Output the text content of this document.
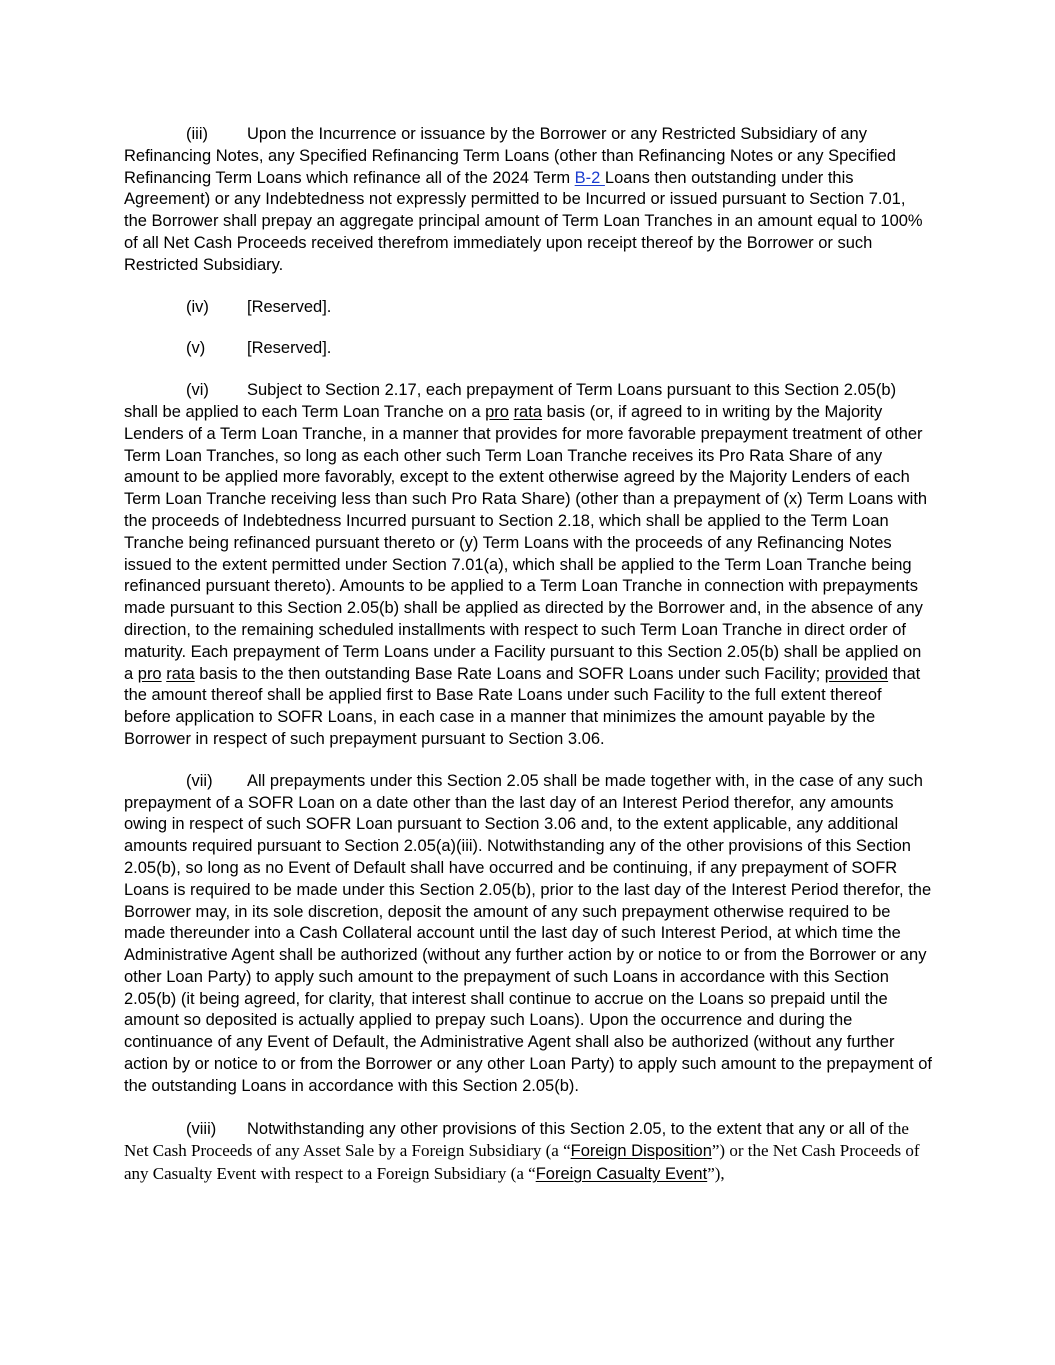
(iii) Upon the Incurrence or issuance by the Borrower or any Restricted Subsidiary of any Refinancing Notes, any Specified Refinancing Term Loans (other than Refinancing Notes or any Specified Refinancing Term Loans which refinance all of the 2024 Term B-2 Loans then outstanding under this Agreement) or any Indebtedness not expressly permitted to be Incurred or issued pursuant to Section 7.01, the Borrower shall prepay an aggregate principal amount of Term Loan Tranches in an amount equal to 100% of all Net Cash Proceeds received therefrom immediately upon receipt thereof by the Borrower or such Restricted Subsidiary.

(iv) [Reserved].

(v)	[Reserved].

(vi) Subject to Section 2.17, each prepayment of Term Loans pursuant to this Section 2.05(b) shall be applied to each Term Loan Tranche on a pro rata basis (or, if agreed to in writing by the Majority Lenders of a Term Loan Tranche, in a manner that provides for more favorable prepayment treatment of other Term Loan Tranches, so long as each other such Term Loan Tranche receives its Pro Rata Share of any amount to be applied more favorably, except to the extent otherwise agreed by the Majority Lenders of each Term Loan Tranche receiving less than such Pro Rata Share) (other than a prepayment of (x) Term Loans with the proceeds of Indebtedness Incurred pursuant to Section 2.18, which shall be applied to the Term Loan Tranche being refinanced pursuant thereto or (y) Term Loans with the proceeds of any Refinancing Notes issued to the extent permitted under Section 7.01(a), which shall be applied to the Term Loan Tranche being refinanced pursuant thereto). Amounts to be applied to a Term Loan Tranche in connection with prepayments made pursuant to this Section 2.05(b) shall be applied as directed by the Borrower and, in the absence of any direction, to the remaining scheduled installments with respect to such Term Loan Tranche in direct order of maturity. Each prepayment of Term Loans under a Facility pursuant to this Section 2.05(b) shall be applied on a pro rata basis to the then outstanding Base Rate Loans and SOFR Loans under such Facility; provided that the amount thereof shall be applied first to Base Rate Loans under such Facility to the full extent thereof before application to SOFR Loans, in each case in a manner that minimizes the amount payable by the Borrower in respect of such prepayment pursuant to Section 3.06.

(vii) All prepayments under this Section 2.05 shall be made together with, in the case of any such prepayment of a SOFR Loan on a date other than the last day of an Interest Period therefor, any amounts owing in respect of such SOFR Loan pursuant to Section 3.06 and, to the extent applicable, any additional amounts required pursuant to Section 2.05(a)(iii). Notwithstanding any of the other provisions of this Section 2.05(b), so long as no Event of Default shall have occurred and be continuing, if any prepayment of SOFR Loans is required to be made under this Section 2.05(b), prior to the last day of the Interest Period therefor, the Borrower may, in its sole discretion, deposit the amount of any such prepayment otherwise required to be made thereunder into a Cash Collateral account until the last day of such Interest Period, at which time the Administrative Agent shall be authorized (without any further action by or notice to or from the Borrower or any other Loan Party) to apply such amount to the prepayment of such Loans in accordance with this Section 2.05(b) (it being agreed, for clarity, that interest shall continue to accrue on the Loans so prepaid until the amount so deposited is actually applied to prepay such Loans). Upon the occurrence and during the continuance of any Event of Default, the Administrative Agent shall also be authorized (without any further action by or notice to or from the Borrower or any other Loan Party) to apply such amount to the prepayment of the outstanding Loans in accordance with this Section 2.05(b).

(viii) Notwithstanding any other provisions of this Section 2.05, to the extent that any or all of the Net Cash Proceeds of any Asset Sale by a Foreign Subsidiary (a “Foreign Disposition”) or the Net Cash Proceeds of any Casualty Event with respect to a Foreign Subsidiary (a “Foreign Casualty Event”),
